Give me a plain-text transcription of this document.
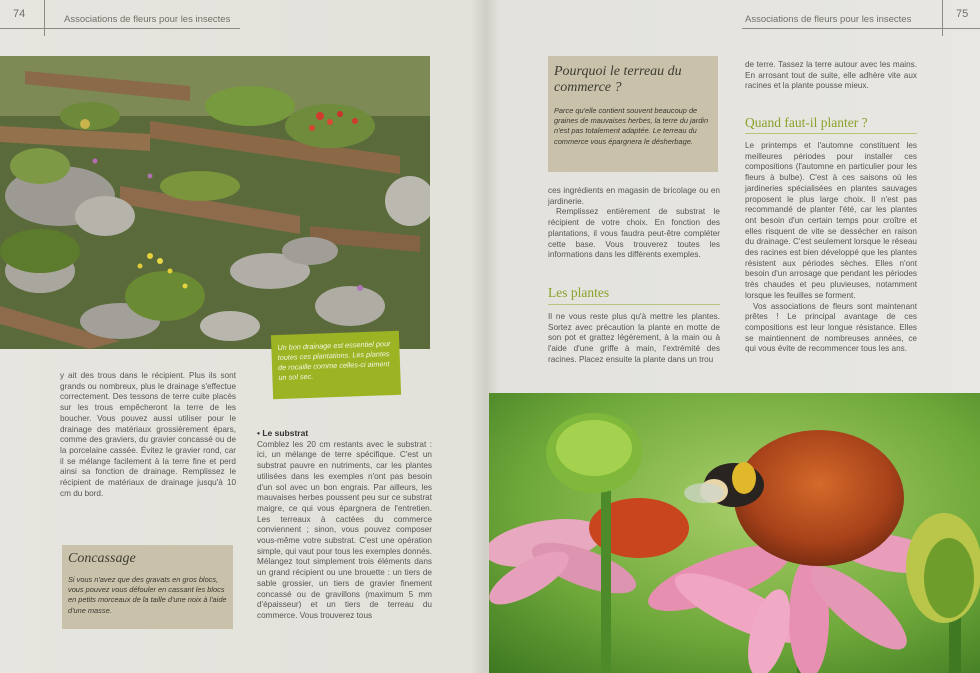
74	Associations de fleurs pour les insectes	Associations de fleurs pour les insectes	75
Un bon drainage est essentiel pour toutes ces plantations. Les plantes de rocaille comme celles-ci aiment un sol sec.

y ait des trous dans le récipient. Plus ils sont grands ou nombreux, plus le drainage s'effectue correctement. Des tessons de terre cuite placés sur les trous empêcheront la terre de les boucher. Vous pouvez aussi utiliser pour le drainage des matériaux grossièrement épars, comme des graviers, du gravier concassé ou de la porcelaine cassée. Évitez le gravier rond, car il se mélange facilement à la terre fine et perd ainsi sa fonction de drainage. Remplissez le récipient de matériaux de drainage jusqu'à 10 cm du bord.

• Le substrat

Comblez les 20 cm restants avec le substrat : ici, un mélange de terre spécifique. C'est un substrat pauvre en nutriments, car les plantes utilisées dans les exemples n'ont pas besoin d'un sol avec un bon engrais. Par ailleurs, les mauvaises herbes poussent peu sur ce substrat maigre, ce qui vous épargnera de l'entretien. Les terreaux à cactées du commerce conviennent ; sinon, vous pouvez composer vous-même votre substrat. C'est une opération simple, qui vaut pour tous les exemples donnés. Mélangez tout simplement trois éléments dans un grand récipient ou une brouette : un tiers de sable grossier, un tiers de gravier finement concassé ou de gravillons (maximum 5 mm d'épaisseur) et un tiers de terreau du commerce. Vous trouverez tous

Concassage
Si vous n'avez que des gravats en gros blocs, vous pouvez vous défouler en cassant les blocs en petits morceaux de la taille d'une noix à l'aide d'une masse.
Pourquoi le terreau du commerce ?
Parce qu'elle contient souvent beaucoup de graines de mauvaises herbes, la terre du jardin n'est pas totalement adaptée. Le terreau du commerce vous épargnera le désherbage.

ces ingrédients en magasin de bricolage ou en jardinerie.

Remplissez entièrement de substrat le récipient de votre choix. En fonction des plantations, il vous faudra peut-être compléter cette base. Vous trouverez toutes les informations dans les différents exemples.

Les plantes

Il ne vous reste plus qu'à mettre les plantes. Sortez avec précaution la plante en motte de son pot et grattez légèrement, à la main ou à l'aide d'une griffe à main, l'extrémité des racines. Placez ensuite la plante dans un trou

de terre. Tassez la terre autour avec les mains. En arrosant tout de suite, elle adhère vite aux racines et la plante pousse mieux.

Quand faut-il planter ?

Le printemps et l'automne constituent les meilleures périodes pour installer ces compositions (l'automne en particulier pour les fleurs à bulbe). C'est à ces saisons où les jardineries spécialisées en plantes sauvages proposent le plus large choix. Il n'est pas recommandé de planter l'été, car les plantes ont besoin d'un certain temps pour croître et elles risquent de vite se dessécher en raison du drainage. C'est seulement lorsque le réseau des racines est bien développé que les plantes résistent aux périodes sèches. Elles n'ont besoin d'un arrosage que pendant les périodes très chaudes et peu pluvieuses, notamment lorsque les feuilles se forment.

Vos associations de fleurs sont maintenant prêtes ! Le principal avantage de ces compositions est leur longue résistance. Elles se maintiennent de nombreuses années, ce qui vous évite de recommencer tous les ans.
